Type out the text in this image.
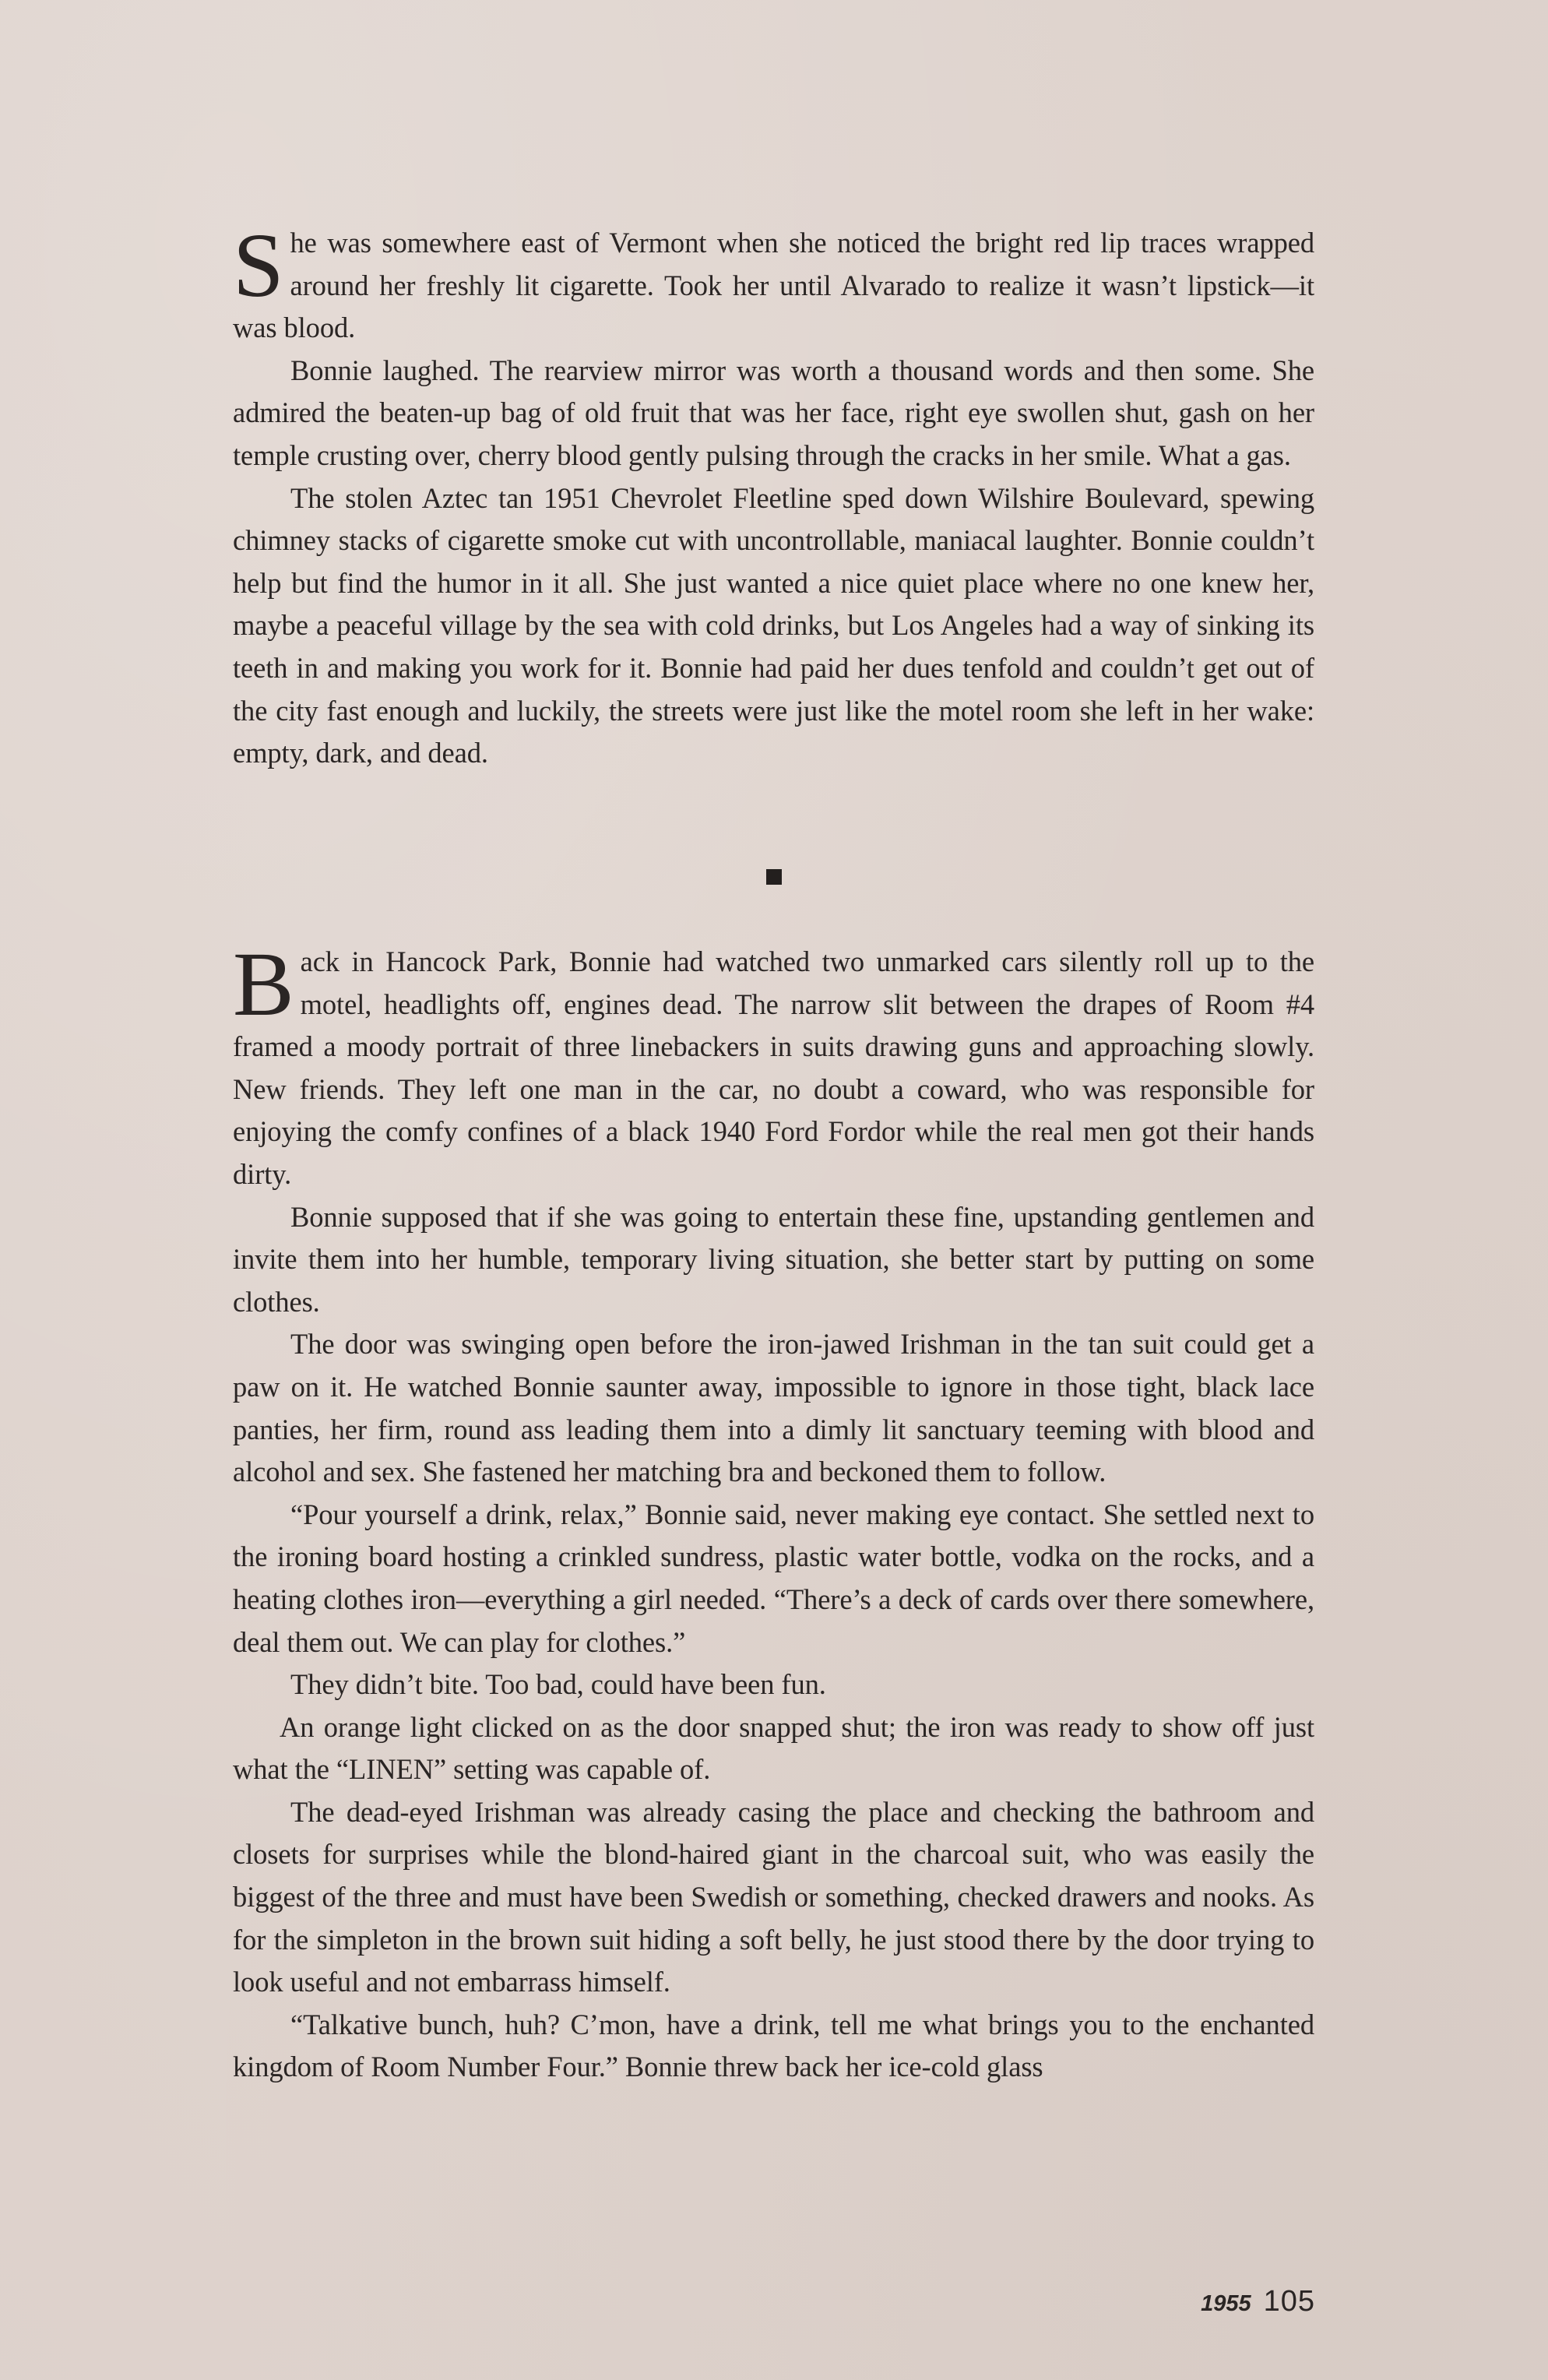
She was somewhere east of Vermont when she noticed the bright red lip traces wrapped around her freshly lit cigarette. Took her until Alvarado to realize it wasn’t lipstick—it was blood.

Bonnie laughed. The rearview mirror was worth a thousand words and then some. She admired the beaten-up bag of old fruit that was her face, right eye swollen shut, gash on her temple crusting over, cherry blood gently pulsing through the cracks in her smile. What a gas.

The stolen Aztec tan 1951 Chevrolet Fleetline sped down Wilshire Boulevard, spewing chimney stacks of cigarette smoke cut with uncontrollable, maniacal laughter. Bonnie couldn’t help but find the humor in it all. She just wanted a nice quiet place where no one knew her, maybe a peaceful village by the sea with cold drinks, but Los Angeles had a way of sinking its teeth in and making you work for it. Bonnie had paid her dues tenfold and couldn’t get out of the city fast enough and luckily, the streets were just like the motel room she left in her wake: empty, dark, and dead.

Back in Hancock Park, Bonnie had watched two unmarked cars silently roll up to the motel, headlights off, engines dead. The narrow slit between the drapes of Room #4 framed a moody portrait of three linebackers in suits drawing guns and approaching slowly. New friends. They left one man in the car, no doubt a coward, who was responsible for enjoying the comfy confines of a black 1940 Ford Fordor while the real men got their hands dirty.

Bonnie supposed that if she was going to entertain these fine, upstanding gentlemen and invite them into her humble, temporary living situation, she better start by putting on some clothes.

The door was swinging open before the iron-jawed Irishman in the tan suit could get a paw on it. He watched Bonnie saunter away, impossible to ignore in those tight, black lace panties, her firm, round ass leading them into a dimly lit sanctuary teeming with blood and alcohol and sex. She fastened her matching bra and beckoned them to follow.

“Pour yourself a drink, relax,” Bonnie said, never making eye contact. She settled next to the ironing board hosting a crinkled sundress, plastic water bottle, vodka on the rocks, and a heating clothes iron—everything a girl needed. “There’s a deck of cards over there somewhere, deal them out. We can play for clothes.”

They didn’t bite. Too bad, could have been fun.

An orange light clicked on as the door snapped shut; the iron was ready to show off just what the “LINEN” setting was capable of.

The dead-eyed Irishman was already casing the place and checking the bathroom and closets for surprises while the blond-haired giant in the charcoal suit, who was easily the biggest of the three and must have been Swedish or something, checked drawers and nooks. As for the simpleton in the brown suit hiding a soft belly, he just stood there by the door trying to look useful and not embarrass himself.

“Talkative bunch, huh? C’mon, have a drink, tell me what brings you to the enchanted kingdom of Room Number Four.” Bonnie threw back her ice-cold glass

1955 105
